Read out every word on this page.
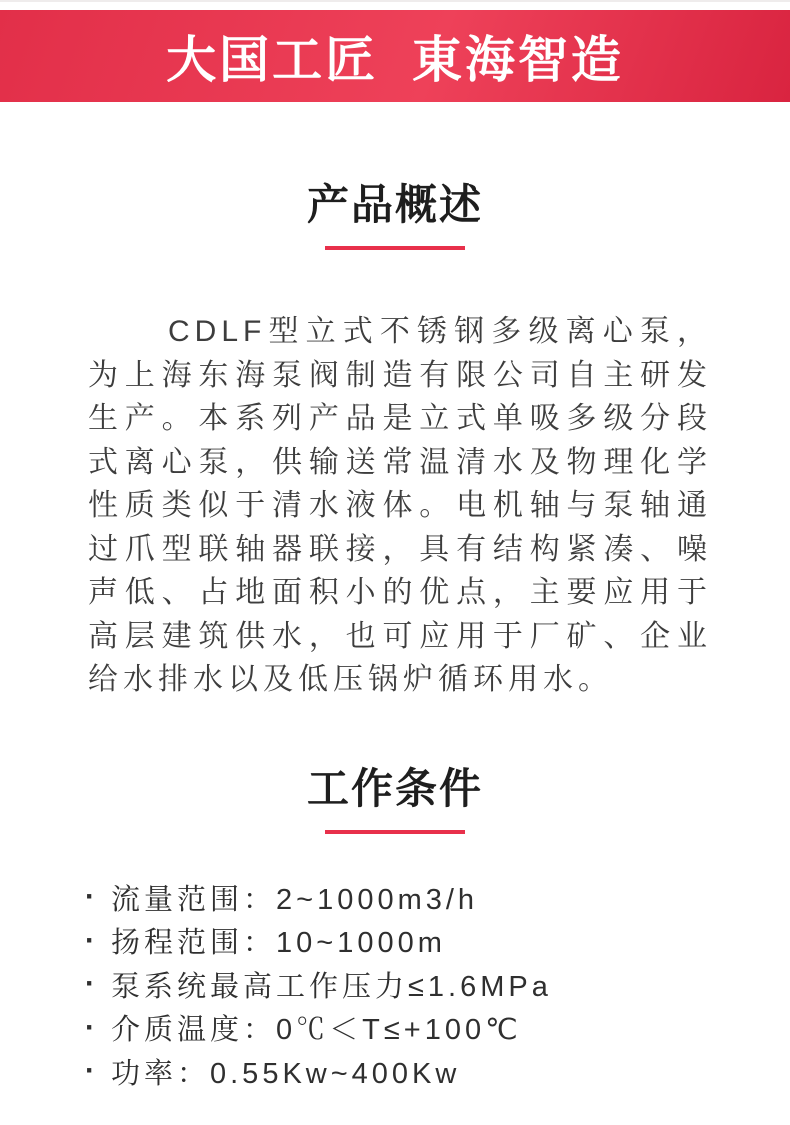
大国工匠  東海智造
产品概述

CDLF型立式不锈钢多级离心泵，为上海东海泵阀制造有限公司自主研发生产。本系列产品是立式单吸多级分段式离心泵，供输送常温清水及物理化学性质类似于清水液体。电机轴与泵轴通过爪型联轴器联接，具有结构紧凑、噪声低、占地面积小的优点，主要应用于高层建筑供水，也可应用于厂矿、企业给水排水以及低压锅炉循环用水。

工作条件
· 流量范围：2~1000m3/h
· 扬程范围：10~1000m
· 泵系统最高工作压力≤1.6MPa
· 介质温度：0℃＜T≤+100℃
· 功率：0.55Kw~400Kw
